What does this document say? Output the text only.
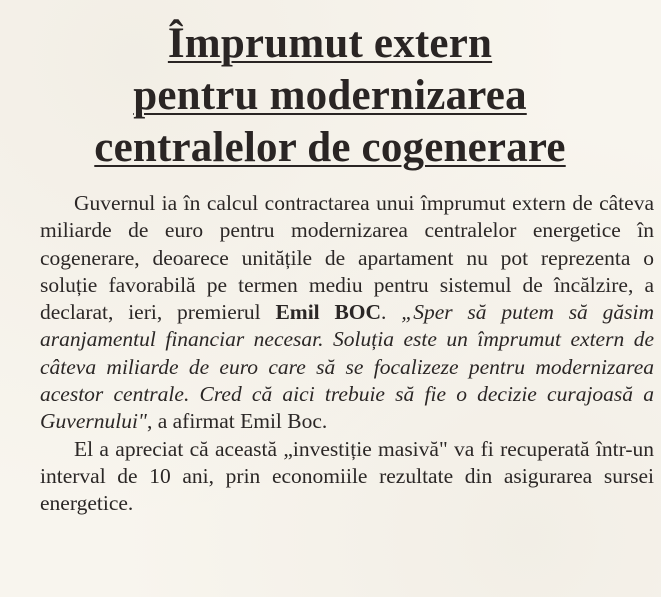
Împrumut extern
pentru modernizarea
centralelor de cogenerare

Guvernul ia în calcul contractarea unui împrumut extern de câteva miliarde de euro pentru modernizarea centralelor energetice în cogenerare, deoarece unitățile de apartament nu pot reprezenta o soluție favorabilă pe termen mediu pentru sistemul de încălzire, a declarat, ieri, premierul Emil BOC. „Sper să putem să găsim aranjamentul financiar necesar. Soluția este un împrumut extern de câteva miliarde de euro care să se focalizeze pentru modernizarea acestor centrale. Cred că aici trebuie să fie o decizie curajoasă a Guvernului", a afirmat Emil Boc.

El a apreciat că această „investiție masivă" va fi recuperată într-un interval de 10 ani, prin economiile rezultate din asigurarea sursei energetice.
